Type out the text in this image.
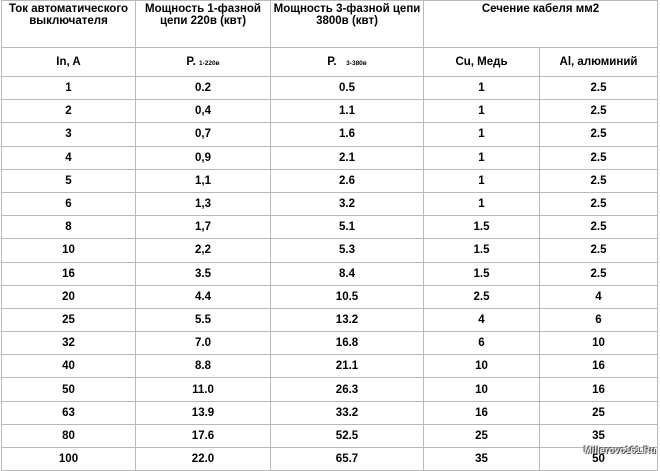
Ток автоматического выключателя	Мощность 1-фазной цепи 220в (квт)	Мощность 3-фазной цепи 3800в (квт)	Сечение кабеля мм2	
In, A	P. 1-220в	P. 3-380в	Cu, Медь	Al, алюминий
1	0.2	0.5	1	2.5
2	0,4	1.1	1	2.5
3	0,7	1.6	1	2.5
4	0,9	2.1	1	2.5
5	1,1	2.6	1	2.5
6	1,3	3.2	1	2.5
8	1,7	5.1	1.5	2.5
10	2,2	5.3	1.5	2.5
16	3.5	8.4	1.5	2.5
20	4.4	10.5	2.5	4
25	5.5	13.2	4	6
32	7.0	16.8	6	10
40	8.8	21.1	10	16
50	11.0	26.3	10	16
63	13.9	33.2	16	25
80	17.6	52.5	25	35
100	22.0	65.7	35	50
Millerovo161.Ru
